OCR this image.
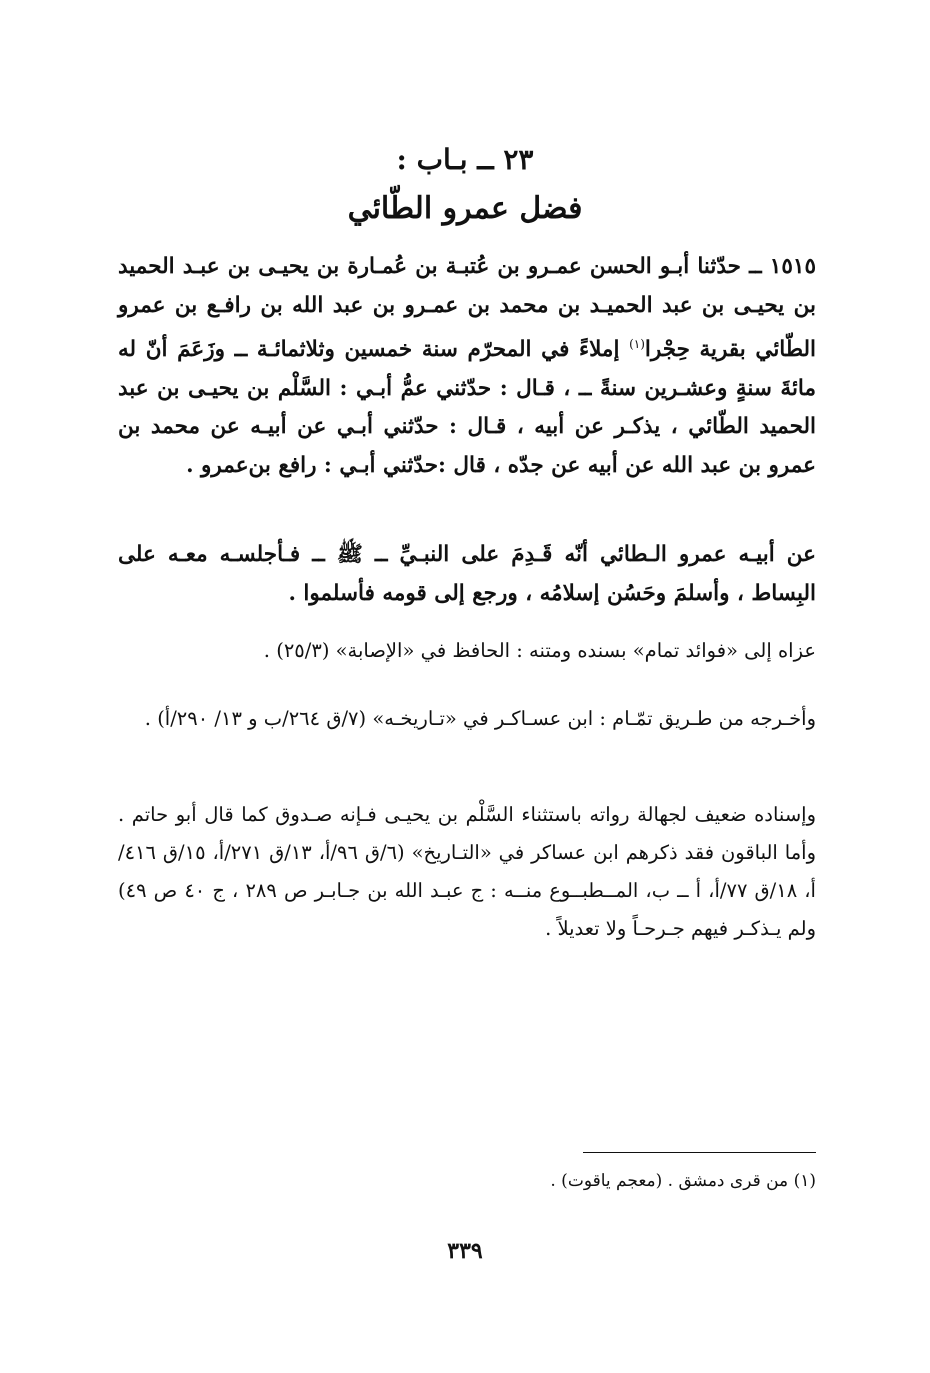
٢٣ ــ بـاب :
فضل عمرو الطّائي
١٥١٥ ــ حدّثنا أبـو الحسن عمـرو بن عُتبـة بن عُمـارة بن يحيـى بن عبـد الحميد بن يحيـى بن عبد الحميـد بن محمد بن عمـرو بن عبد الله بن رافـع بن عمرو الطّائي بقرية حِجْرا$^{(١)}$ إملاءً في المحرّم سنة خمسين وثلاثمائـة ــ وزَعَمَ أنّ له مائةَ سنةٍ وعشـرين سنةً ــ ، قـال : حدّثني عمُّ أبـي : السَّلْم بن يحيـى بن عبد الحميد الطّائي ، يذكـر عن أبيه ، قـال : حدّثني أبـي عن أبيـه عن محمد بن عمرو بن عبد الله عن أبيه عن جدّه ، قال :حدّثني أبـي : رافع بن‌عمرو .
عن أبيـه عمرو الـطائي أنّه قَـدِمَ على النبـيِّ ــ ﷺ ــ فـأجلسـه معـه على البِساط ، وأسلمَ وحَسُن إسلامُه ، ورجع إلى قومه فأسلموا .
عزاه إلى «فوائد تمام» بسنده ومتنه : الحافظ في «الإصابة» (٢٥/٣) .
وأخـرجه من طـريق تمّـام : ابن عسـاكـر في «تـاريخـه» (٧/ق ٢٦٤/ب و ١٣/ ٢٩٠/أ) .
وإسناده ضعيف لجهالة رواته باستثناء السَّلْم بن يحيـى فـإنه صـدوق كما قال أبو حاتم . وأما الباقون فقد ذكرهم ابن عساكر في «التـاريخ» (٦/ق ٩٦/أ، ١٣/ق ٢٧١/أ، ١٥/ق ٤١٦/أ، ١٨/ق ٧٧/أ، أ ــ ب، المــطبــوع منــه : ج عبـد الله بن جـابـر ص ٢٨٩ ، ج ٤٠ ص ٤٩) ولم يـذكـر فيهم جـرحـاً ولا تعديلاً .
(١) من قرى دمشق . (معجم ياقوت) .
٣٣٩
